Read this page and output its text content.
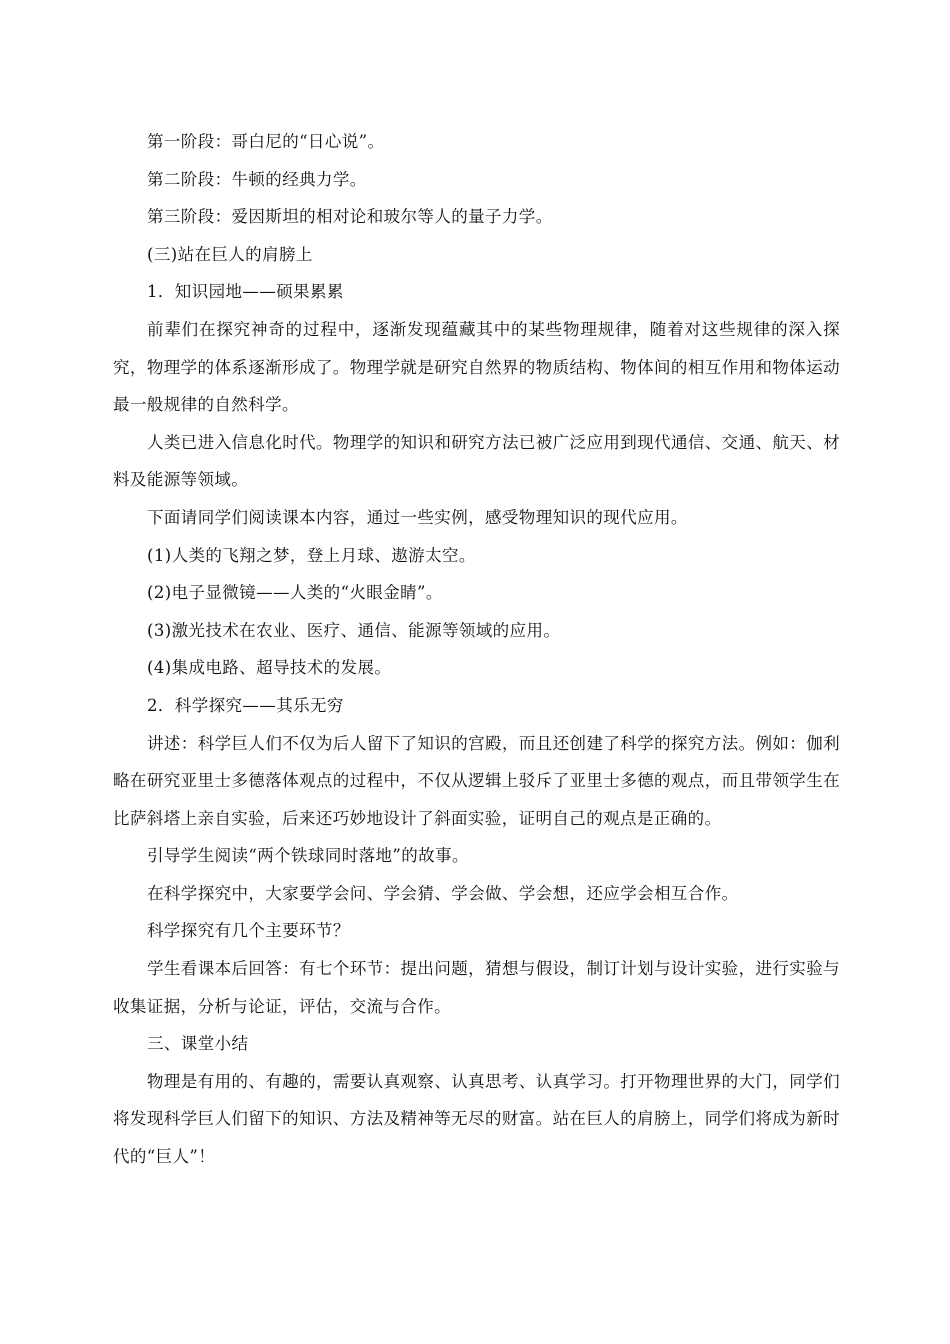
第一阶段：哥白尼的“日心说”。

第二阶段：牛顿的经典力学。

第三阶段：爱因斯坦的相对论和玻尔等人的量子力学。

(三)站在巨人的肩膀上

1．知识园地——硕果累累

前辈们在探究神奇的过程中，逐渐发现蕴藏其中的某些物理规律，随着对这些规律的深入探究，物理学的体系逐渐形成了。物理学就是研究自然界的物质结构、物体间的相互作用和物体运动最一般规律的自然科学。

人类已进入信息化时代。物理学的知识和研究方法已被广泛应用到现代通信、交通、航天、材料及能源等领域。

下面请同学们阅读课本内容，通过一些实例，感受物理知识的现代应用。

(1)人类的飞翔之梦，登上月球、遨游太空。

(2)电子显微镜——人类的“火眼金睛”。

(3)激光技术在农业、医疗、通信、能源等领域的应用。

(4)集成电路、超导技术的发展。

2．科学探究——其乐无穷

讲述：科学巨人们不仅为后人留下了知识的宫殿，而且还创建了科学的探究方法。例如：伽利略在研究亚里士多德落体观点的过程中，不仅从逻辑上驳斥了亚里士多德的观点，而且带领学生在比萨斜塔上亲自实验，后来还巧妙地设计了斜面实验，证明自己的观点是正确的。

引导学生阅读“两个铁球同时落地”的故事。

在科学探究中，大家要学会问、学会猜、学会做、学会想，还应学会相互合作。

科学探究有几个主要环节？

学生看课本后回答：有七个环节：提出问题，猜想与假设，制订计划与设计实验，进行实验与收集证据，分析与论证，评估，交流与合作。

三、课堂小结

物理是有用的、有趣的，需要认真观察、认真思考、认真学习。打开物理世界的大门，同学们将发现科学巨人们留下的知识、方法及精神等无尽的财富。站在巨人的肩膀上，同学们将成为新时代的“巨人”！
